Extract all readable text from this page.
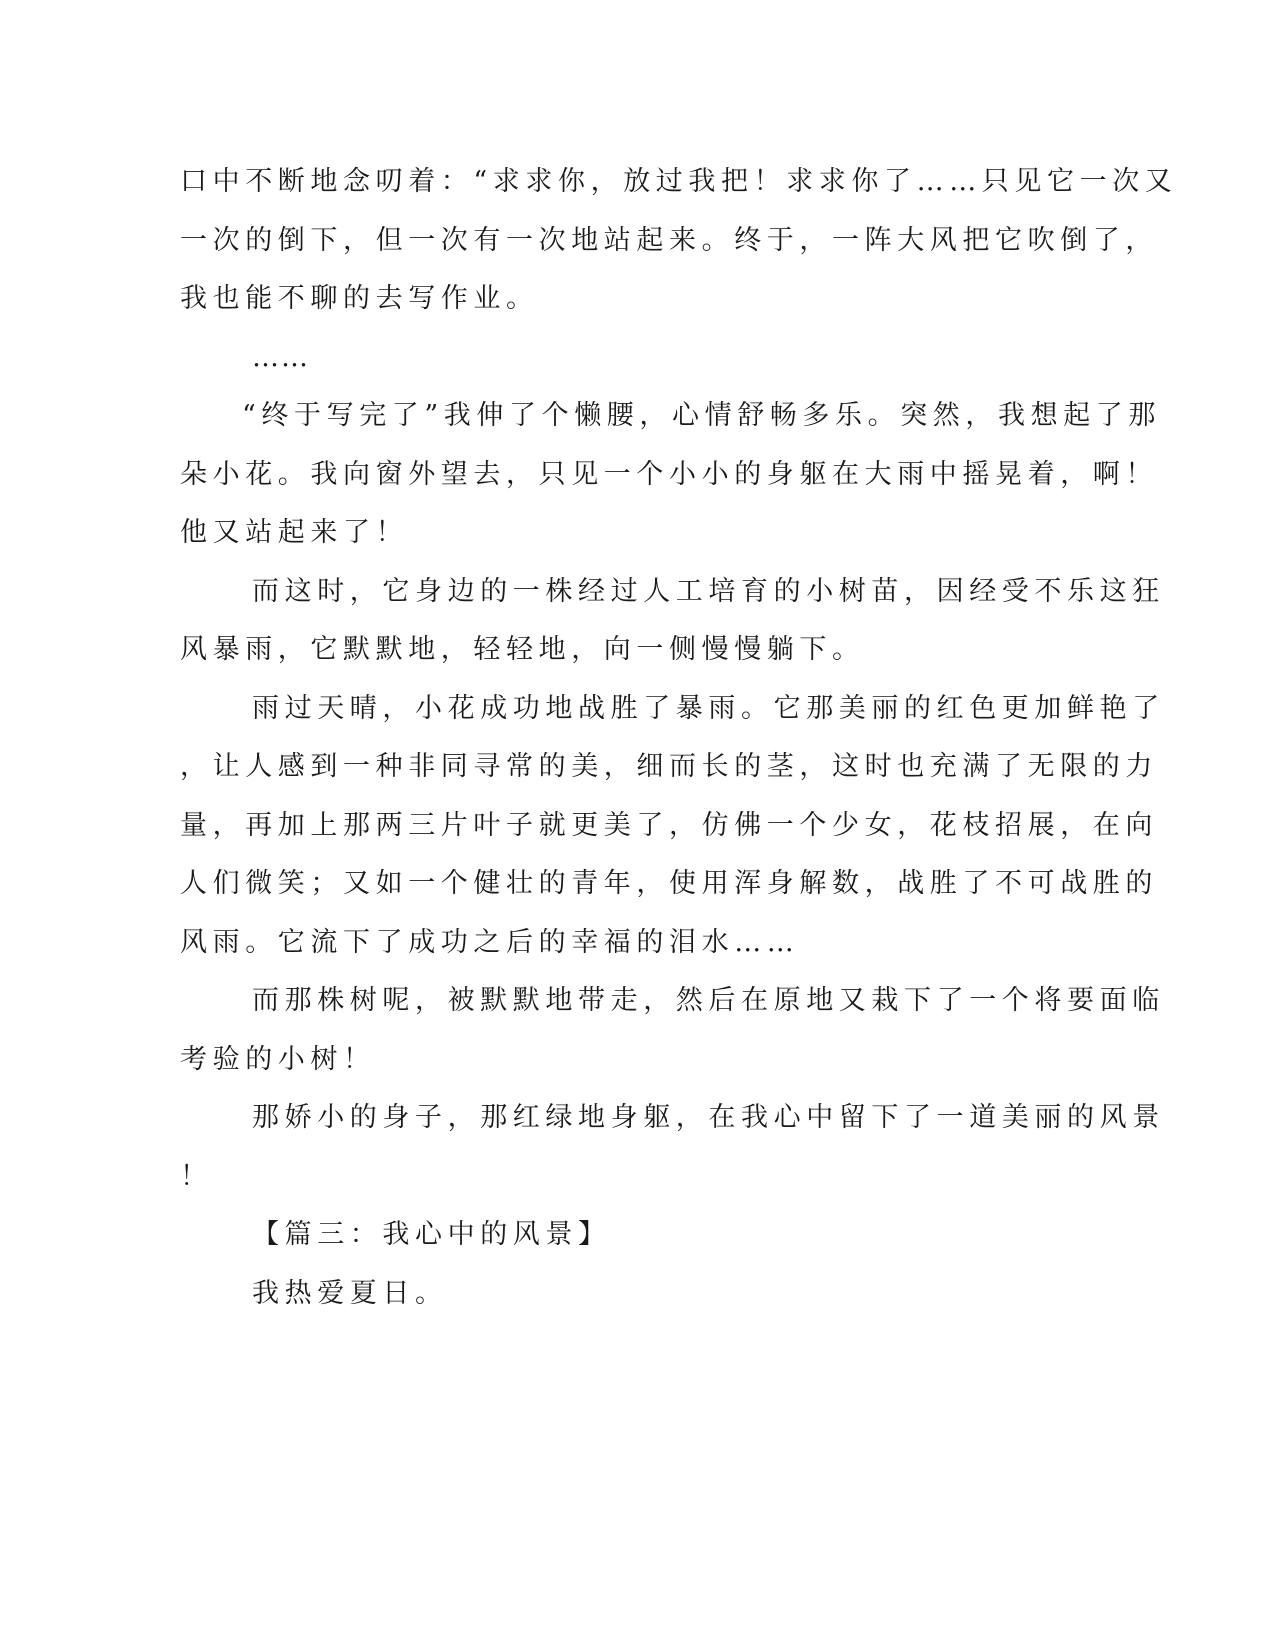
口中不断地念叨着：“求求你，放过我把！求求你了……只见它一次又
一次的倒下，但一次有一次地站起来。终于，一阵大风把它吹倒了，
我也能不聊的去写作业。
……
“终于写完了”我伸了个懒腰，心情舒畅多乐。突然，我想起了那
朵小花。我向窗外望去，只见一个小小的身躯在大雨中摇晃着，啊！
他又站起来了！
而这时，它身边的一株经过人工培育的小树苗，因经受不乐这狂
风暴雨，它默默地，轻轻地，向一侧慢慢躺下。
雨过天晴，小花成功地战胜了暴雨。它那美丽的红色更加鲜艳了
，让人感到一种非同寻常的美，细而长的茎，这时也充满了无限的力
量，再加上那两三片叶子就更美了，仿佛一个少女，花枝招展，在向
人们微笑；又如一个健壮的青年，使用浑身解数，战胜了不可战胜的
风雨。它流下了成功之后的幸福的泪水……
而那株树呢，被默默地带走，然后在原地又栽下了一个将要面临
考验的小树！
那娇小的身子，那红绿地身躯，在我心中留下了一道美丽的风景
！
【篇三：我心中的风景】
我热爱夏日。
